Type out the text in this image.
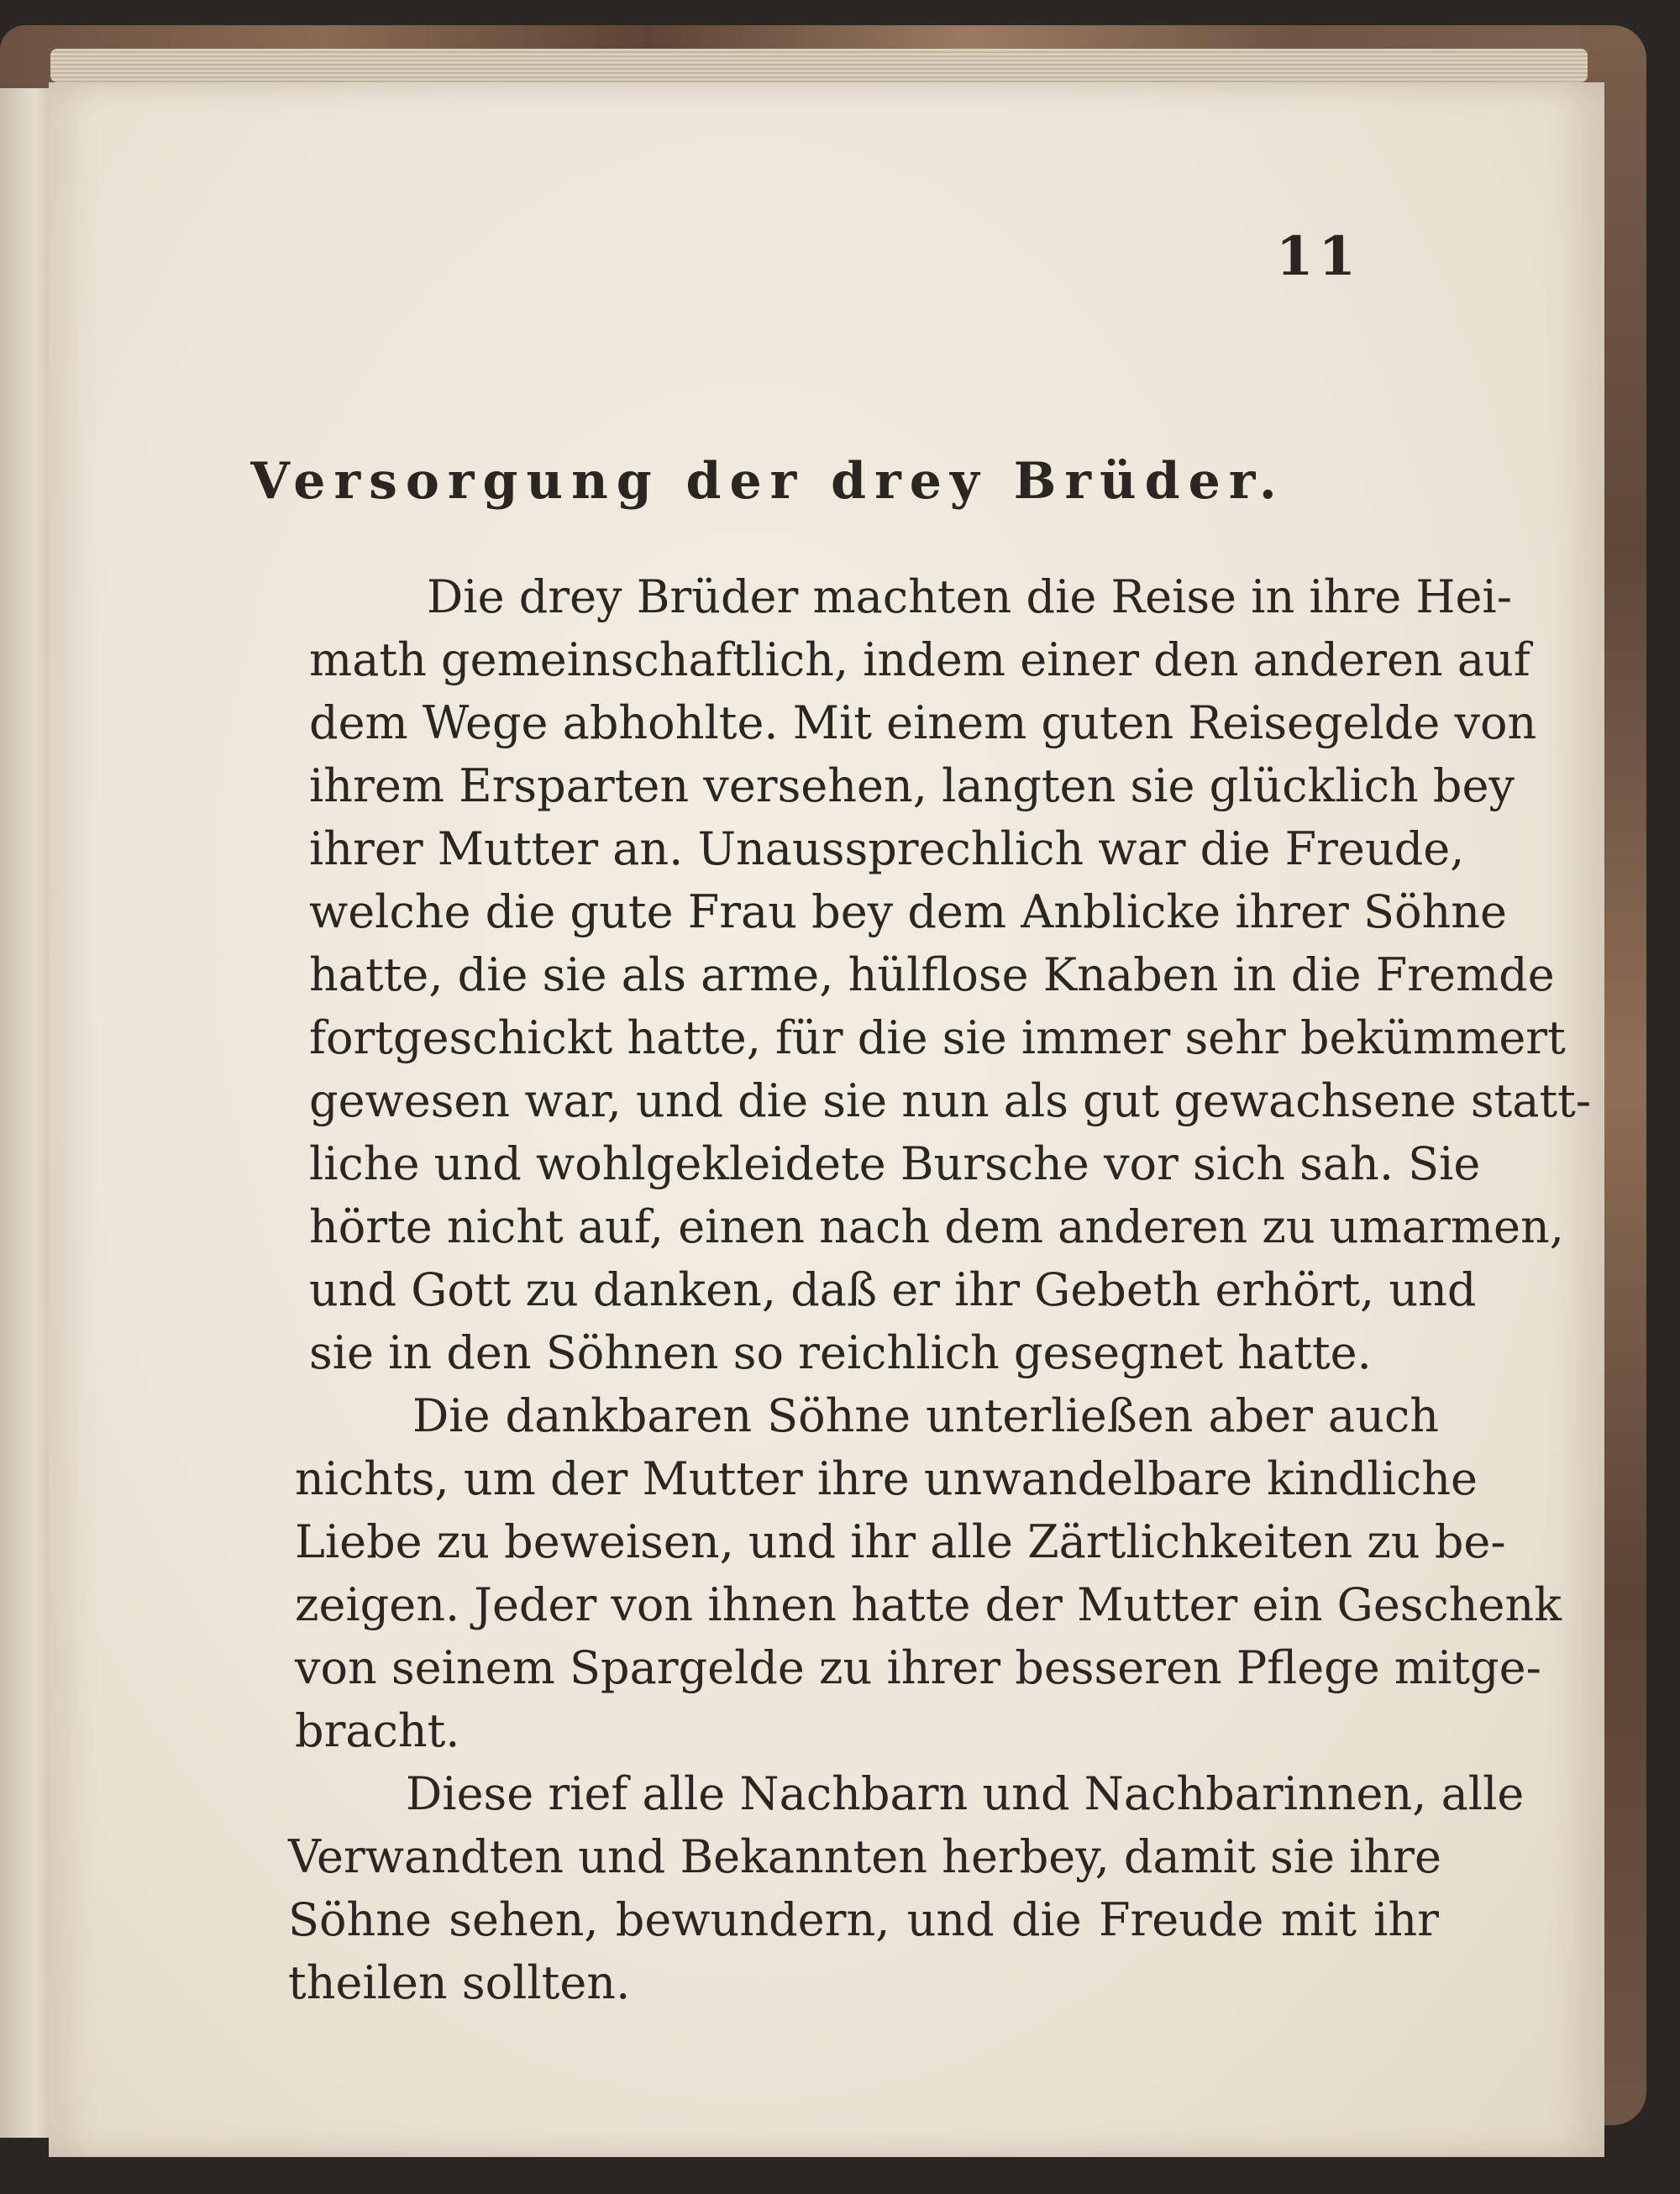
11
Versorgung der drey Brüder.
Die drey Brüder machten die Reise in ihre Hei-
math gemeinschaftlich, indem einer den anderen auf
dem Wege abhohlte. Mit einem guten Reisegelde von
ihrem Ersparten versehen, langten sie glücklich bey
ihrer Mutter an. Unaussprechlich war die Freude,
welche die gute Frau bey dem Anblicke ihrer Söhne
hatte, die sie als arme, hülflose Knaben in die Fremde
fortgeschickt hatte, für die sie immer sehr bekümmert
gewesen war, und die sie nun als gut gewachsene statt-
liche und wohlgekleidete Bursche vor sich sah. Sie
hörte nicht auf, einen nach dem anderen zu umarmen,
und Gott zu danken, daß er ihr Gebeth erhört, und
sie in den Söhnen so reichlich gesegnet hatte.
Die dankbaren Söhne unterließen aber auch
nichts, um der Mutter ihre unwandelbare kindliche
Liebe zu beweisen, und ihr alle Zärtlichkeiten zu be-
zeigen. Jeder von ihnen hatte der Mutter ein Geschenk
von seinem Spargelde zu ihrer besseren Pflege mitge-
bracht.
Diese rief alle Nachbarn und Nachbarinnen, alle
Verwandten und Bekannten herbey, damit sie ihre
Söhne sehen, bewundern, und die Freude mit ihr
theilen sollten.
